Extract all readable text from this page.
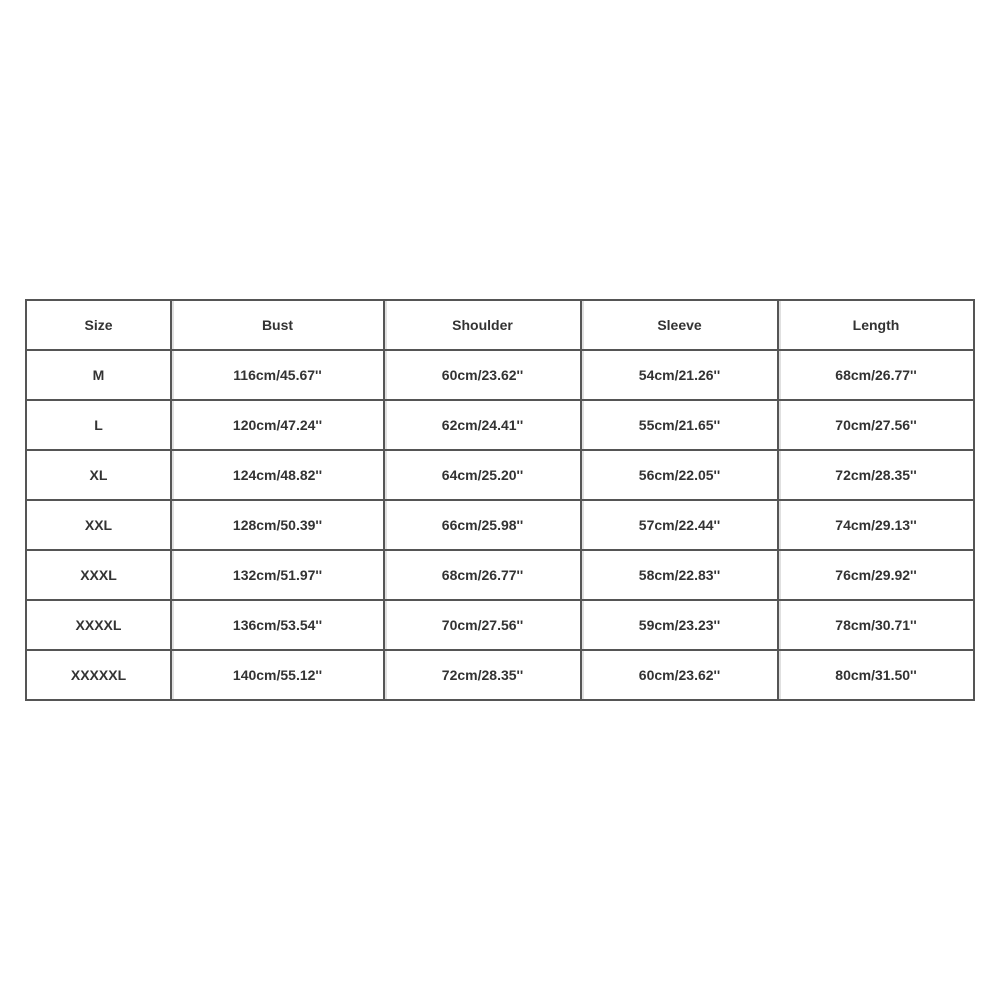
Size	Bust	Shoulder	Sleeve	Length
M	116cm/45.67''	60cm/23.62''	54cm/21.26''	68cm/26.77''
L	120cm/47.24''	62cm/24.41''	55cm/21.65''	70cm/27.56''
XL	124cm/48.82''	64cm/25.20''	56cm/22.05''	72cm/28.35''
XXL	128cm/50.39''	66cm/25.98''	57cm/22.44''	74cm/29.13''
XXXL	132cm/51.97''	68cm/26.77''	58cm/22.83''	76cm/29.92''
XXXXL	136cm/53.54''	70cm/27.56''	59cm/23.23''	78cm/30.71''
XXXXXL	140cm/55.12''	72cm/28.35''	60cm/23.62''	80cm/31.50''
